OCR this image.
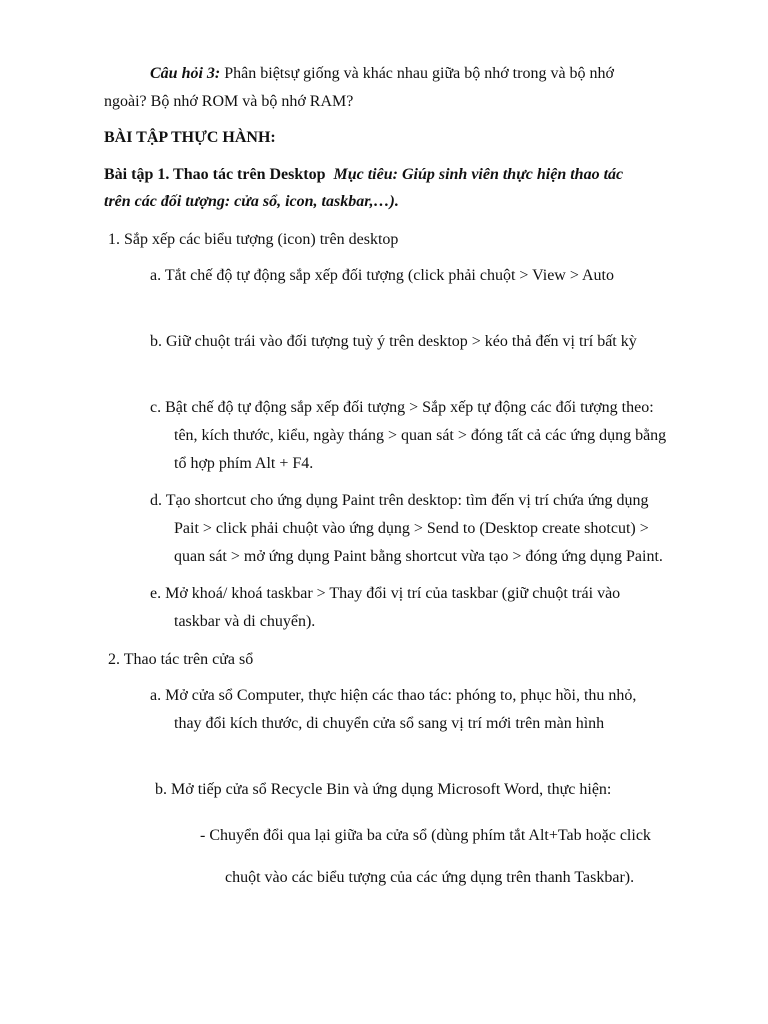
Câu hỏi 3: Phân biệtsự giống và khác nhau giữa bộ nhớ trong và bộ nhớ
ngoài? Bộ nhớ ROM và bộ nhớ RAM?
BÀI TẬP THỰC HÀNH:
Bài tập 1. Thao tác trên Desktop Mục tiêu: Giúp sinh viên thực hiện thao tác
trên các đối tượng: cửa sổ, icon, taskbar,…).
1. Sắp xếp các biểu tượng (icon) trên desktop
a. Tắt chế độ tự động sắp xếp đối tượng (click phải chuột > View > Auto
b. Giữ chuột trái vào đối tượng tuỳ ý trên desktop > kéo thả đến vị trí bất kỳ
c. Bật chế độ tự động sắp xếp đối tượng > Sắp xếp tự động các đối tượng theo:
tên, kích thước, kiểu, ngày tháng > quan sát > đóng tất cả các ứng dụng bằng
tổ hợp phím Alt + F4.
d. Tạo shortcut cho ứng dụng Paint trên desktop: tìm đến vị trí chứa ứng dụng
Pait > click phải chuột vào ứng dụng > Send to (Desktop create shotcut) >
quan sát > mở ứng dụng Paint bằng shortcut vừa tạo > đóng ứng dụng Paint.
e. Mở khoá/ khoá taskbar > Thay đổi vị trí của taskbar (giữ chuột trái vào
taskbar và di chuyển).
2. Thao tác trên cửa sổ
a. Mở cửa sổ Computer, thực hiện các thao tác: phóng to, phục hồi, thu nhỏ,
thay đổi kích thước, di chuyển cửa sổ sang vị trí mới trên màn hình
b. Mở tiếp cửa sổ Recycle Bin và ứng dụng Microsoft Word, thực hiện:
- Chuyển đổi qua lại giữa ba cửa sổ (dùng phím tắt Alt+Tab hoặc click
chuột vào các biểu tượng của các ứng dụng trên thanh Taskbar).
